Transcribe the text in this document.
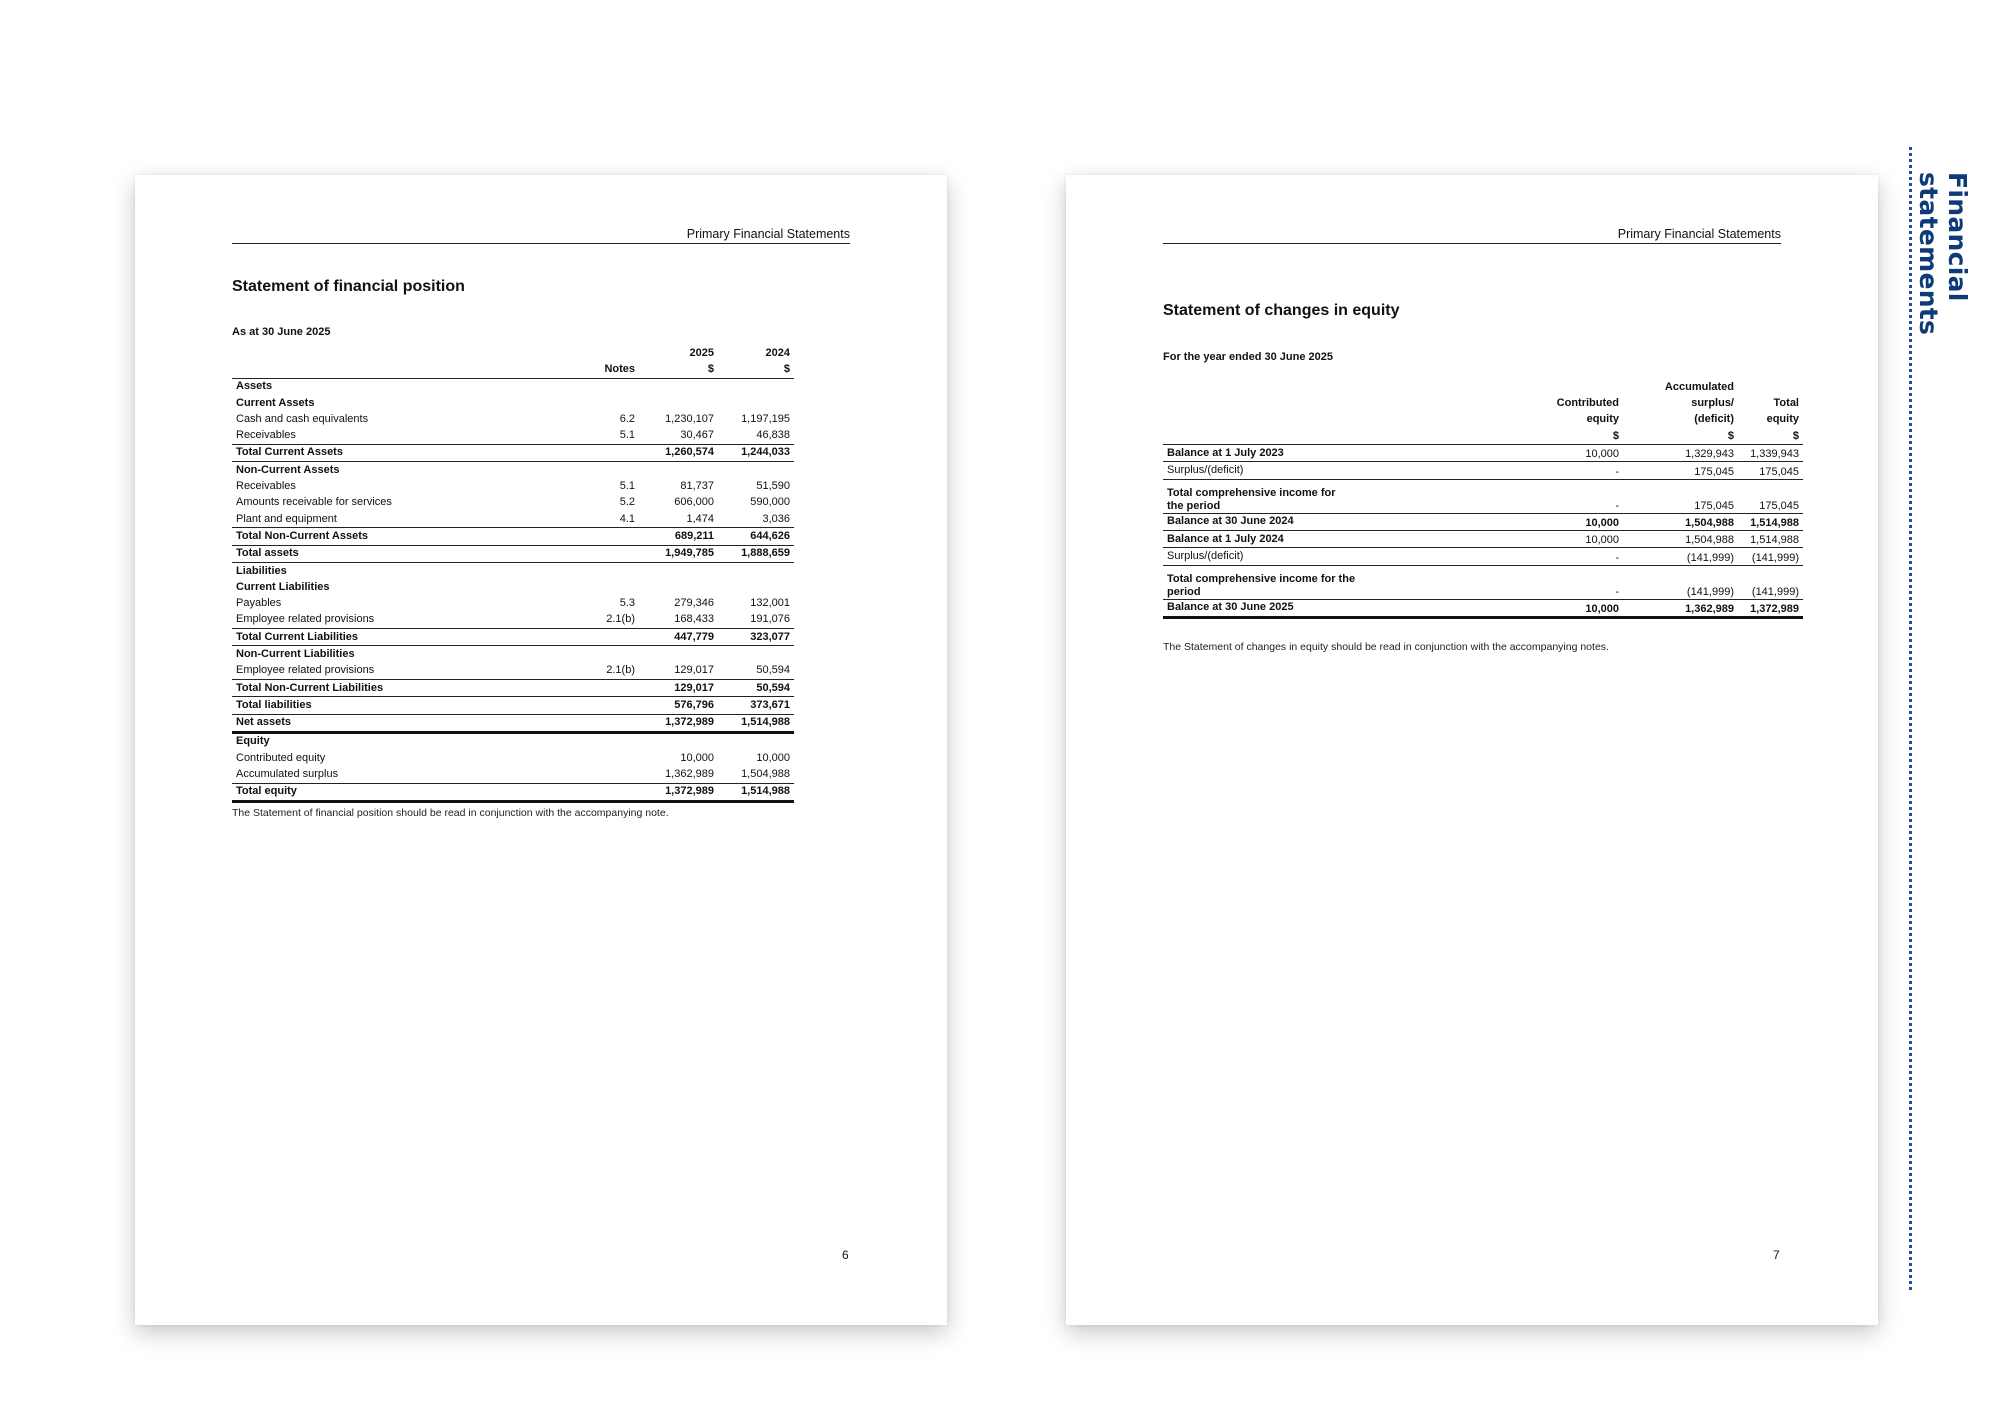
Financial statements
Primary Financial Statements
Statement of financial position
As at 30 June 2025
		2025	2024
	Notes	$	$
Assets			
Current Assets			
Cash and cash equivalents	6.2	1,230,107	1,197,195
Receivables	5.1	30,467	46,838
Total Current Assets		1,260,574	1,244,033
Non-Current Assets			
Receivables	5.1	81,737	51,590
Amounts receivable for services	5.2	606,000	590,000
Plant and equipment	4.1	1,474	3,036
Total Non-Current Assets		689,211	644,626
Total assets		1,949,785	1,888,659
Liabilities			
Current Liabilities			
Payables	5.3	279,346	132,001
Employee related provisions	2.1(b)	168,433	191,076
Total Current Liabilities		447,779	323,077
Non-Current Liabilities			
Employee related provisions	2.1(b)	129,017	50,594
Total Non-Current Liabilities		129,017	50,594
Total liabilities		576,796	373,671
Net assets		1,372,989	1,514,988
Equity			
Contributed equity		10,000	10,000
Accumulated surplus		1,362,989	1,504,988
Total equity		1,372,989	1,514,988
The Statement of financial position should be read in conjunction with the accompanying note.
6
Primary Financial Statements
Statement of changes in equity
For the year ended 30 June 2025
		Accumulated	
	Contributed	surplus/	Total
	equity	(deficit)	equity
	$	$	$

Balance at 1 July 2023	10,000	1,329,943	1,339,943

Surplus/(deficit)	-	175,045	175,045

Total comprehensive income for
the period	-	175,045	175,045

Balance at 30 June 2024	10,000	1,504,988	1,514,988

Balance at 1 July 2024	10,000	1,504,988	1,514,988

Surplus/(deficit)	-	(141,999)	(141,999)

Total comprehensive income for the
period	-	(141,999)	(141,999)

Balance at 30 June 2025	10,000	1,362,989	1,372,989
The Statement of changes in equity should be read in conjunction with the accompanying notes.
7
